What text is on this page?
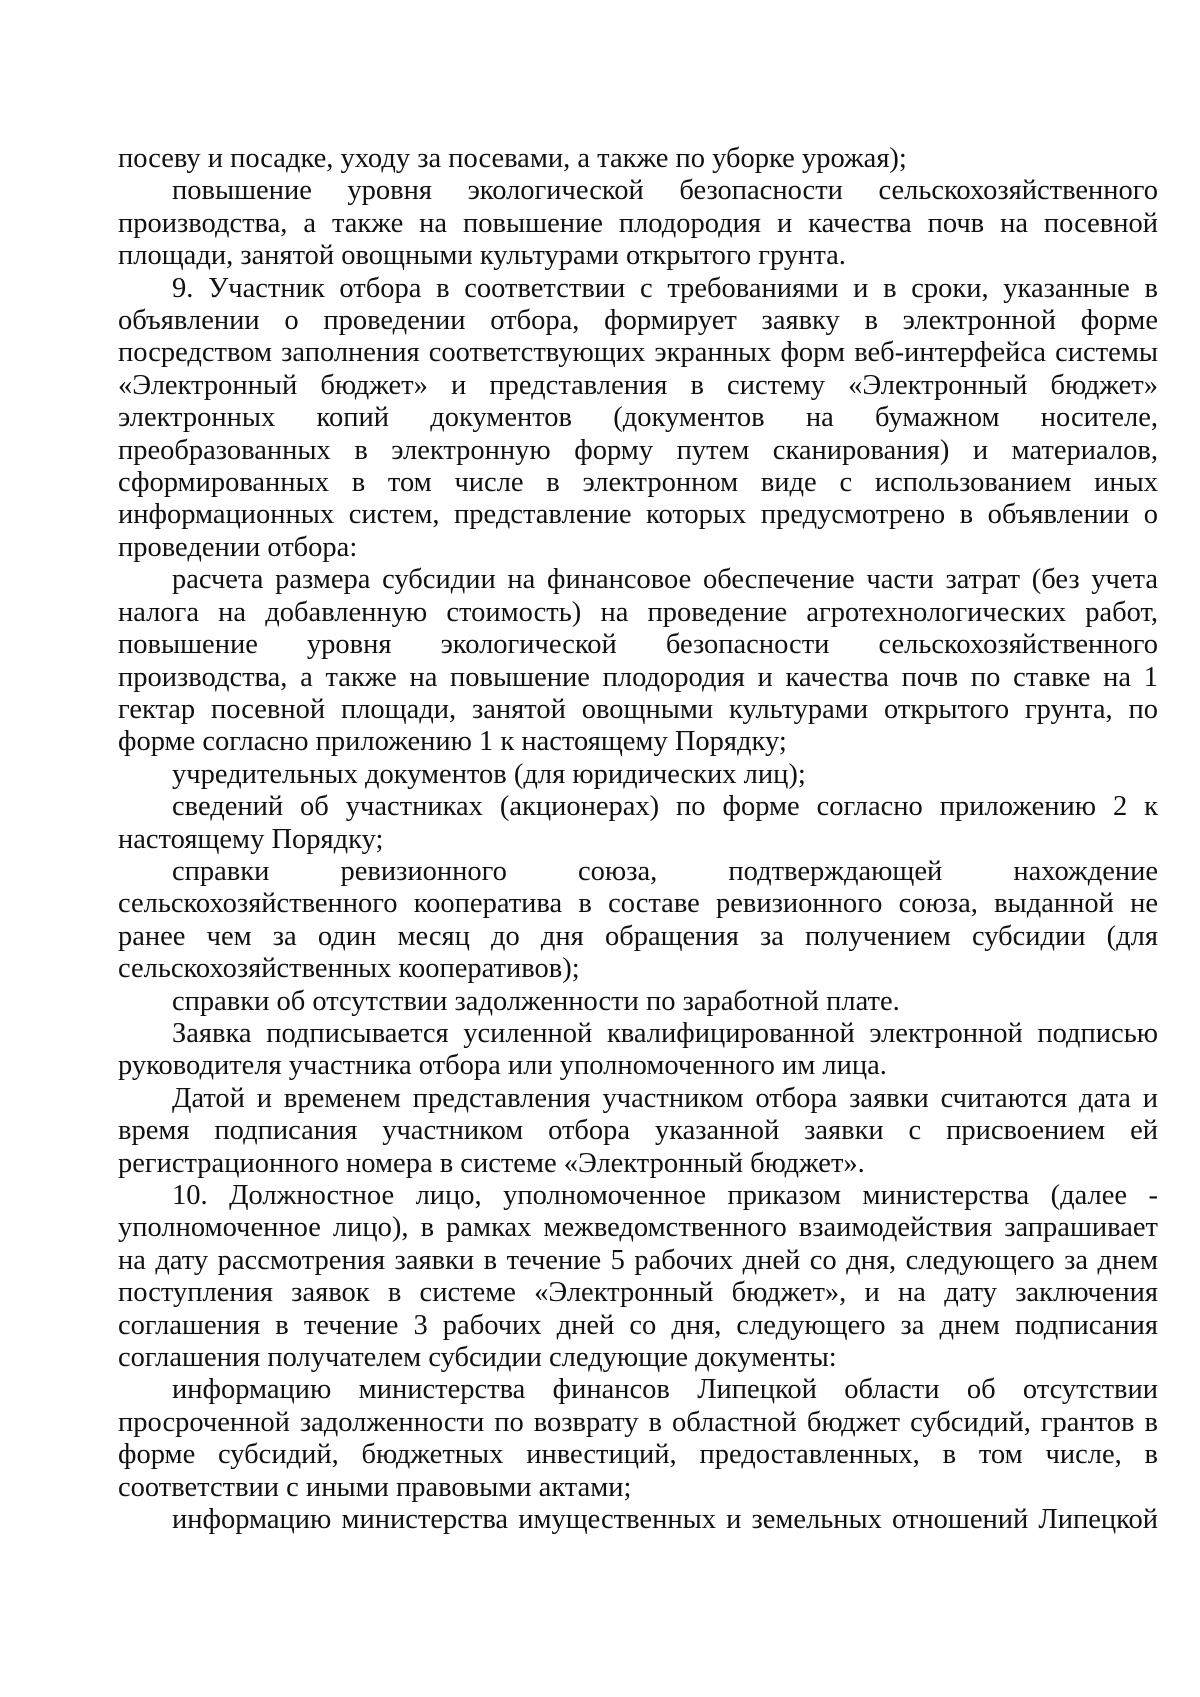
посеву и посадке, уходу за посевами, а также по уборке урожая);

повышение уровня экологической безопасности сельскохозяйственного производства, а также на повышение плодородия и качества почв на посевной площади, занятой овощными культурами открытого грунта.

9. Участник отбора в соответствии с требованиями и в сроки, указанные в объявлении о проведении отбора, формирует заявку в электронной форме посредством заполнения соответствующих экранных форм веб-интерфейса системы «Электронный бюджет» и представления в систему «Электронный бюджет» электронных копий документов (документов на бумажном носителе, преобразованных в электронную форму путем сканирования) и материалов, сформированных в том числе в электронном виде с использованием иных информационных систем, представление которых предусмотрено в объявлении о проведении отбора:

расчета размера субсидии на финансовое обеспечение части затрат (без учета налога на добавленную стоимость) на проведение агротехнологических работ, повышение уровня экологической безопасности сельскохозяйственного производства, а также на повышение плодородия и качества почв по ставке на 1 гектар посевной площади, занятой овощными культурами открытого грунта, по форме согласно приложению 1 к настоящему Порядку;

учредительных документов (для юридических лиц);

сведений об участниках (акционерах) по форме согласно приложению 2 к настоящему Порядку;

справки ревизионного союза, подтверждающей нахождение сельскохозяйственного кооператива в составе ревизионного союза, выданной не ранее чем за один месяц до дня обращения за получением субсидии (для сельскохозяйственных кооперативов);

справки об отсутствии задолженности по заработной плате.

Заявка подписывается усиленной квалифицированной электронной подписью руководителя участника отбора или уполномоченного им лица.

Датой и временем представления участником отбора заявки считаются дата и время подписания участником отбора указанной заявки с присвоением ей регистрационного номера в системе «Электронный бюджет».

10. Должностное лицо, уполномоченное приказом министерства (далее - уполномоченное лицо), в рамках межведомственного взаимодействия запрашивает на дату рассмотрения заявки в течение 5 рабочих дней со дня, следующего за днем поступления заявок в системе «Электронный бюджет», и на дату заключения соглашения в течение 3 рабочих дней со дня, следующего за днем подписания соглашения получателем субсидии следующие документы:

информацию министерства финансов Липецкой области об отсутствии просроченной задолженности по возврату в областной бюджет субсидий, грантов в форме субсидий, бюджетных инвестиций, предоставленных, в том числе, в соответствии с иными правовыми актами;

информацию министерства имущественных и земельных отношений Липецкой
